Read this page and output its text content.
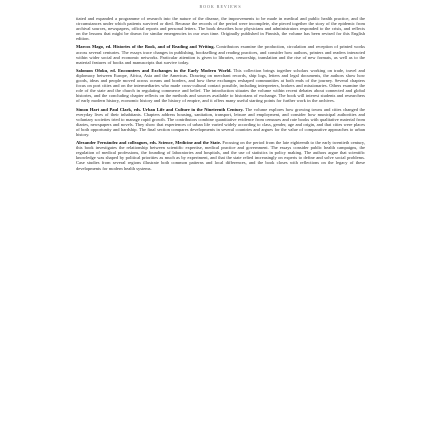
BOOK REVIEWS

tiated and expanded a programme of research into the nature of the disease, the improvements to be made in medical and public health practice, and the circumstances under which patients survived or died. Because the records of the period were incomplete, she pieced together the story of the epidemic from archival sources, newspapers, official reports and personal letters. The book describes how physicians and administrators responded to the crisis, and reflects on the lessons that might be drawn for similar emergencies in our own time. Originally published in Finnish, the volume has been revised for this English edition.

Marcos Mago, ed. Histories of the Book, and of Reading and Writing. Contributors examine the production, circulation and reception of printed works across several centuries. The essays trace changes in publishing, bookselling and reading practices, and consider how authors, printers and readers interacted within wider social and economic networks. Particular attention is given to libraries, censorship, translation and the rise of new formats, as well as to the material features of books and manuscripts that survive today.

Salomon Ofoku, ed. Encounters and Exchanges in the Early Modern World. This collection brings together scholars working on trade, travel and diplomacy between Europe, Africa, Asia and the Americas. Drawing on merchant records, ship logs, letters and legal documents, the authors show how goods, ideas and people moved across oceans and borders, and how these exchanges reshaped communities at both ends of the journey. Several chapters focus on port cities and on the intermediaries who made cross-cultural contact possible, including interpreters, brokers and missionaries. Others examine the role of the state and the church in regulating commerce and belief. The introduction situates the volume within recent debates about connected and global histories, and the concluding chapter reflects on the methods and sources available to historians of exchange. The book will interest students and researchers of early modern history, economic history and the history of empire, and it offers many useful starting points for further work in the archives.

Simon Hart and Paul Clark, eds. Urban Life and Culture in the Nineteenth Century. The volume explores how growing towns and cities changed the everyday lives of their inhabitants. Chapters address housing, sanitation, transport, leisure and employment, and consider how municipal authorities and voluntary societies tried to manage rapid growth. The contributors combine quantitative evidence from censuses and rate books with qualitative material from diaries, newspapers and novels. They show that experiences of urban life varied widely according to class, gender, age and origin, and that cities were places of both opportunity and hardship. The final section compares developments in several countries and argues for the value of comparative approaches to urban history.

Alexander Fernández and colleagues, eds. Science, Medicine and the State. Focusing on the period from the late eighteenth to the early twentieth century, this book investigates the relationship between scientific expertise, medical practice and government. The essays consider public health campaigns, the regulation of medical professions, the founding of laboratories and hospitals, and the use of statistics in policy making. The authors argue that scientific knowledge was shaped by political priorities as much as by experiment, and that the state relied increasingly on experts to define and solve social problems. Case studies from several regions illustrate both common patterns and local differences, and the book closes with reflections on the legacy of these developments for modern health systems.
